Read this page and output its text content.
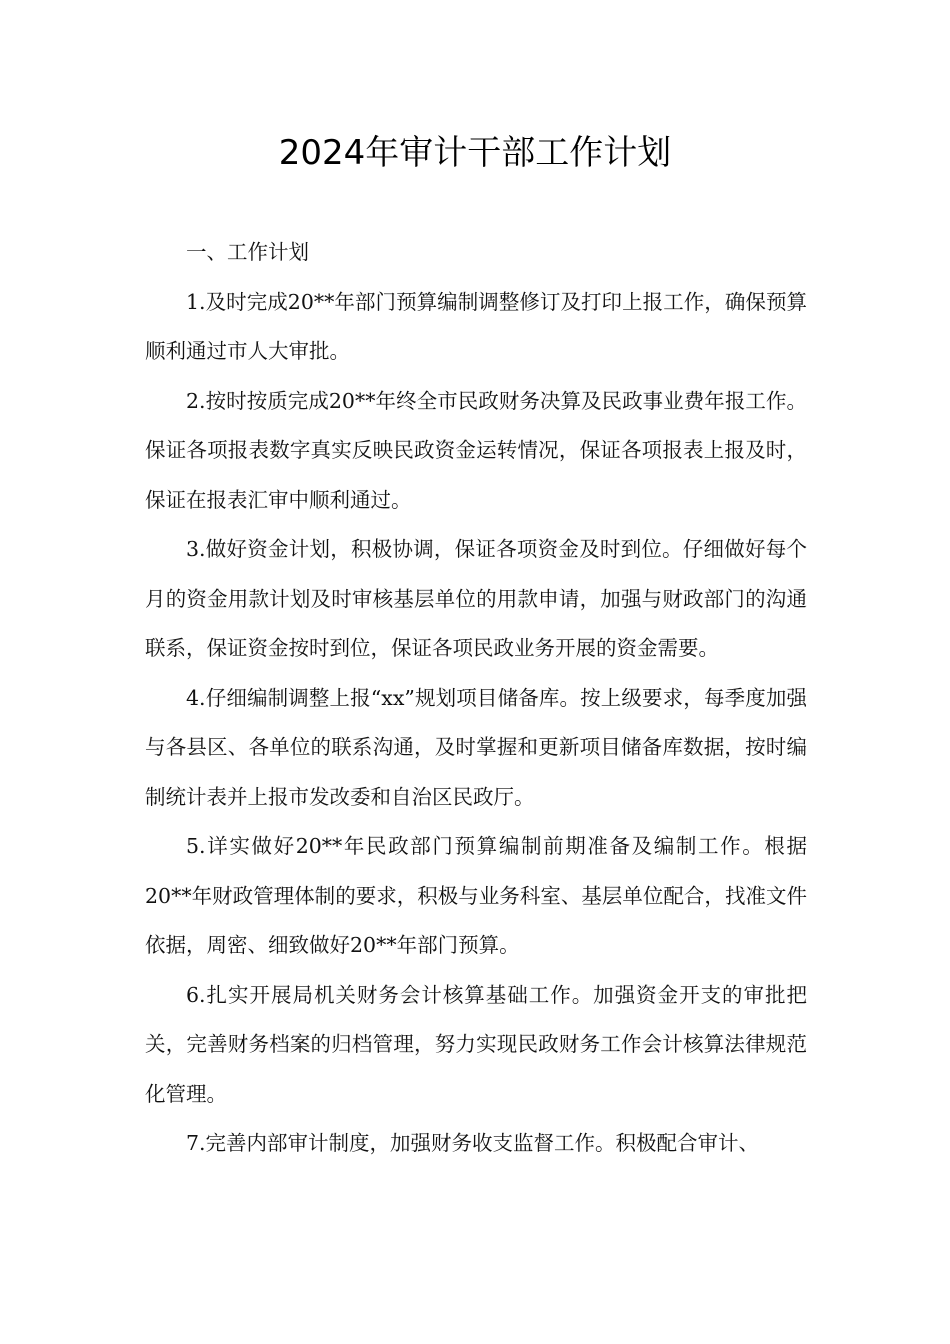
2024年审计干部工作计划

一、工作计划

1.及时完成20**年部门预算编制调整修订及打印上报工作，确保预算顺利通过市人大审批。

2.按时按质完成20**年终全市民政财务决算及民政事业费年报工作。保证各项报表数字真实反映民政资金运转情况，保证各项报表上报及时，保证在报表汇审中顺利通过。

3.做好资金计划，积极协调，保证各项资金及时到位。仔细做好每个月的资金用款计划及时审核基层单位的用款申请，加强与财政部门的沟通联系，保证资金按时到位，保证各项民政业务开展的资金需要。

4.仔细编制调整上报“xx”规划项目储备库。按上级要求，每季度加强与各县区、各单位的联系沟通，及时掌握和更新项目储备库数据，按时编制统计表并上报市发改委和自治区民政厅。

5.详实做好20**年民政部门预算编制前期准备及编制工作。根据20**年财政管理体制的要求，积极与业务科室、基层单位配合，找准文件依据，周密、细致做好20**年部门预算。

6.扎实开展局机关财务会计核算基础工作。加强资金开支的审批把关，完善财务档案的归档管理，努力实现民政财务工作会计核算法律规范化管理。

7.完善内部审计制度，加强财务收支监督工作。积极配合审计、
